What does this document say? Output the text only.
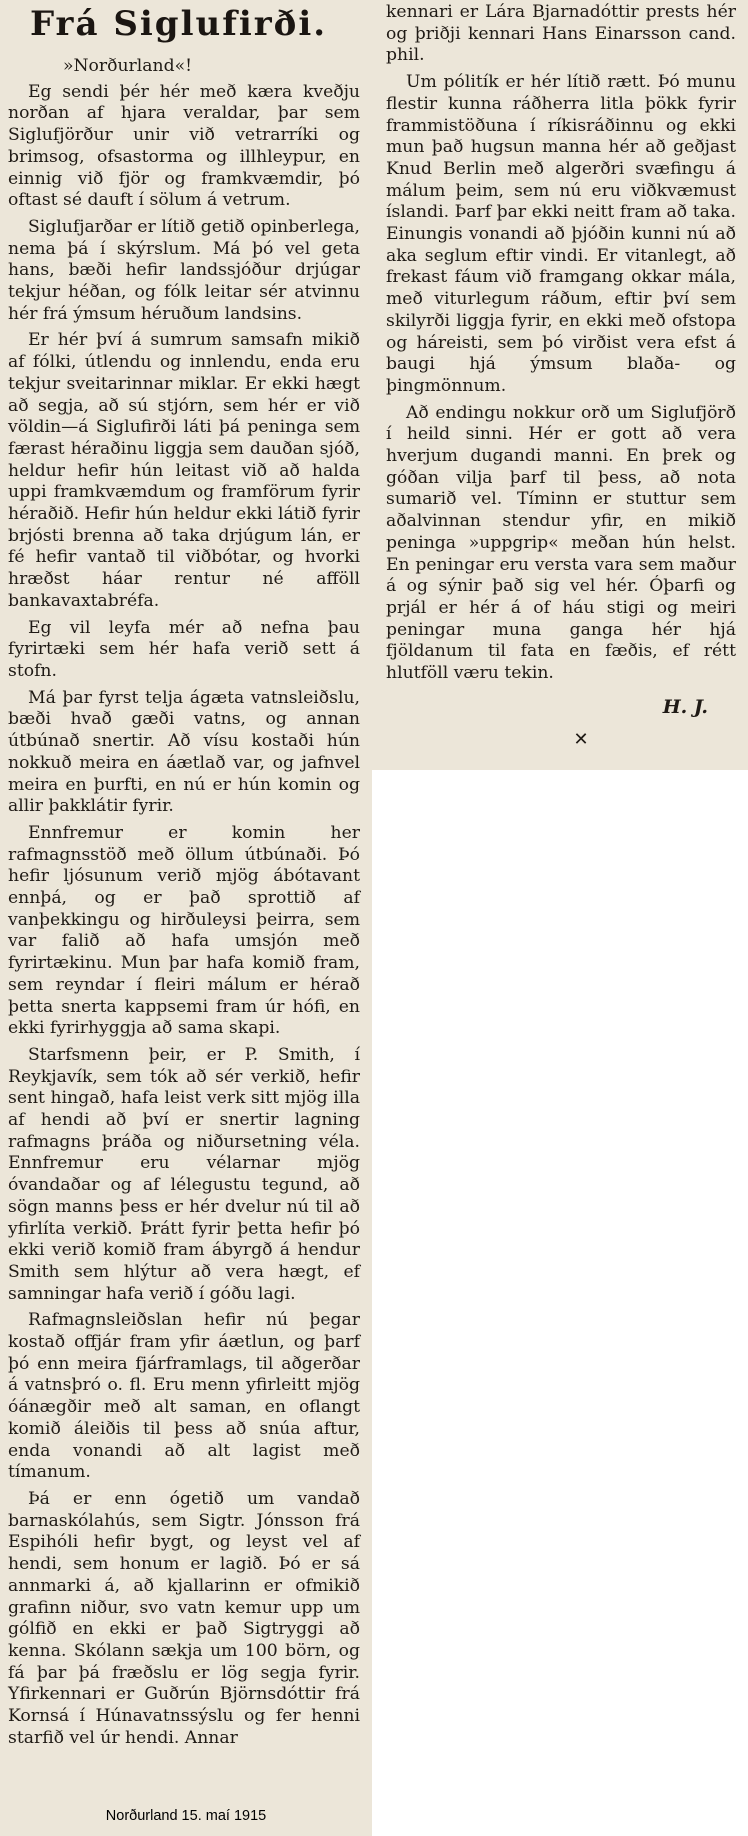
Frá Siglufirði.
»Norðurland«!

Eg sendi þér hér með kæra kveðju norðan af hjara veraldar, þar sem Siglufjörður unir við vetrarríki og brimsog, ofsastorma og illhleypur, en einnig við fjör og framkvæmdir, þó oftast sé dauft í sölum á vetrum.

Siglufjarðar er lítið getið opinberlega, nema þá í skýrslum. Má þó vel geta hans, bæði hefir landssjóður drjúgar tekjur héðan, og fólk leitar sér atvinnu hér frá ýmsum héruðum landsins.

Er hér því á sumrum samsafn mikið af fólki, útlendu og innlendu, enda eru tekjur sveitarinnar miklar. Er ekki hægt að segja, að sú stjórn, sem hér er við völdin—á Siglufirði láti þá peninga sem færast héraðinu liggja sem dauðan sjóð, heldur hefir hún leitast við að halda uppi framkvæmdum og framförum fyrir héraðið. Hefir hún heldur ekki látið fyrir brjósti brenna að taka drjúgum lán, er fé hefir vantað til viðbótar, og hvorki hræðst háar rentur né afföll bankavaxtabréfa.

Eg vil leyfa mér að nefna þau fyrirtæki sem hér hafa verið sett á stofn.

Má þar fyrst telja ágæta vatnsleiðslu, bæði hvað gæði vatns, og annan útbúnað snertir. Að vísu kostaði hún nokkuð meira en áætlað var, og jafnvel meira en þurfti, en nú er hún komin og allir þakklátir fyrir.

Ennfremur er komin her rafmagnsstöð með öllum útbúnaði. Þó hefir ljósunum verið mjög ábótavant ennþá, og er það sprottið af vanþekkingu og hirðuleysi þeirra, sem var falið að hafa umsjón með fyrirtækinu. Mun þar hafa komið fram, sem reyndar í fleiri málum er hérað þetta snerta kappsemi fram úr hófi, en ekki fyrirhyggja að sama skapi.

Starfsmenn þeir, er P. Smith, í Reykjavík, sem tók að sér verkið, hefir sent hingað, hafa leist verk sitt mjög illa af hendi að því er snertir lagning rafmagns þráða og niðursetning véla. Ennfremur eru vélarnar mjög óvandaðar og af lélegustu tegund, að sögn manns þess er hér dvelur nú til að yfirlíta verkið. Þrátt fyrir þetta hefir þó ekki verið komið fram ábyrgð á hendur Smith sem hlýtur að vera hægt, ef samningar hafa verið í góðu lagi.

Rafmagnsleiðslan hefir nú þegar kostað offjár fram yfir áætlun, og þarf þó enn meira fjárframlags, til aðgerðar á vatnsþró o. fl. Eru menn yfirleitt mjög óánægðir með alt saman, en oflangt komið áleiðis til þess að snúa aftur, enda vonandi að alt lagist með tímanum.

Þá er enn ógetið um vandað barnaskólahús, sem Sigtr. Jónsson frá Espihóli hefir bygt, og leyst vel af hendi, sem honum er lagið. Þó er sá annmarki á, að kjallarinn er ofmikið grafinn niður, svo vatn kemur upp um gólfið en ekki er það Sigtryggi að kenna. Skólann sækja um 100 börn, og fá þar þá fræðslu er lög segja fyrir. Yfirkennari er Guðrún Björnsdóttir frá Kornsá í Húnavatnssýslu og fer henni starfið vel úr hendi. Annar

kennari er Lára Bjarnadóttir prests hér og þriðji kennari Hans Einarsson cand. phil.

Um pólitík er hér lítið rætt. Þó munu flestir kunna ráðherra litla þökk fyrir frammistöðuna í ríkisráðinnu og ekki mun það hugsun manna hér að geðjast Knud Berlin með algerðri svæfingu á málum þeim, sem nú eru viðkvæmust íslandi. Þarf þar ekki neitt fram að taka. Einungis vonandi að þjóðin kunni nú að aka seglum eftir vindi. Er vitanlegt, að frekast fáum við framgang okkar mála, með viturlegum ráðum, eftir því sem skilyrði liggja fyrir, en ekki með ofstopa og háreisti, sem þó virðist vera efst á baugi hjá ýmsum blaða- og þingmönnum.

Að endingu nokkur orð um Siglufjörð í heild sinni. Hér er gott að vera hverjum dugandi manni. En þrek og góðan vilja þarf til þess, að nota sumarið vel. Tíminn er stuttur sem aðalvinnan stendur yfir, en mikið peninga »uppgrip« meðan hún helst. En peningar eru versta vara sem maður á og sýnir það sig vel hér. Óþarfi og prjál er hér á of háu stigi og meiri peningar muna ganga hér hjá fjöldanum til fata en fæðis, ef rétt hlutföll væru tekin.

H. J.
✕
Norðurland 15. maí 1915
